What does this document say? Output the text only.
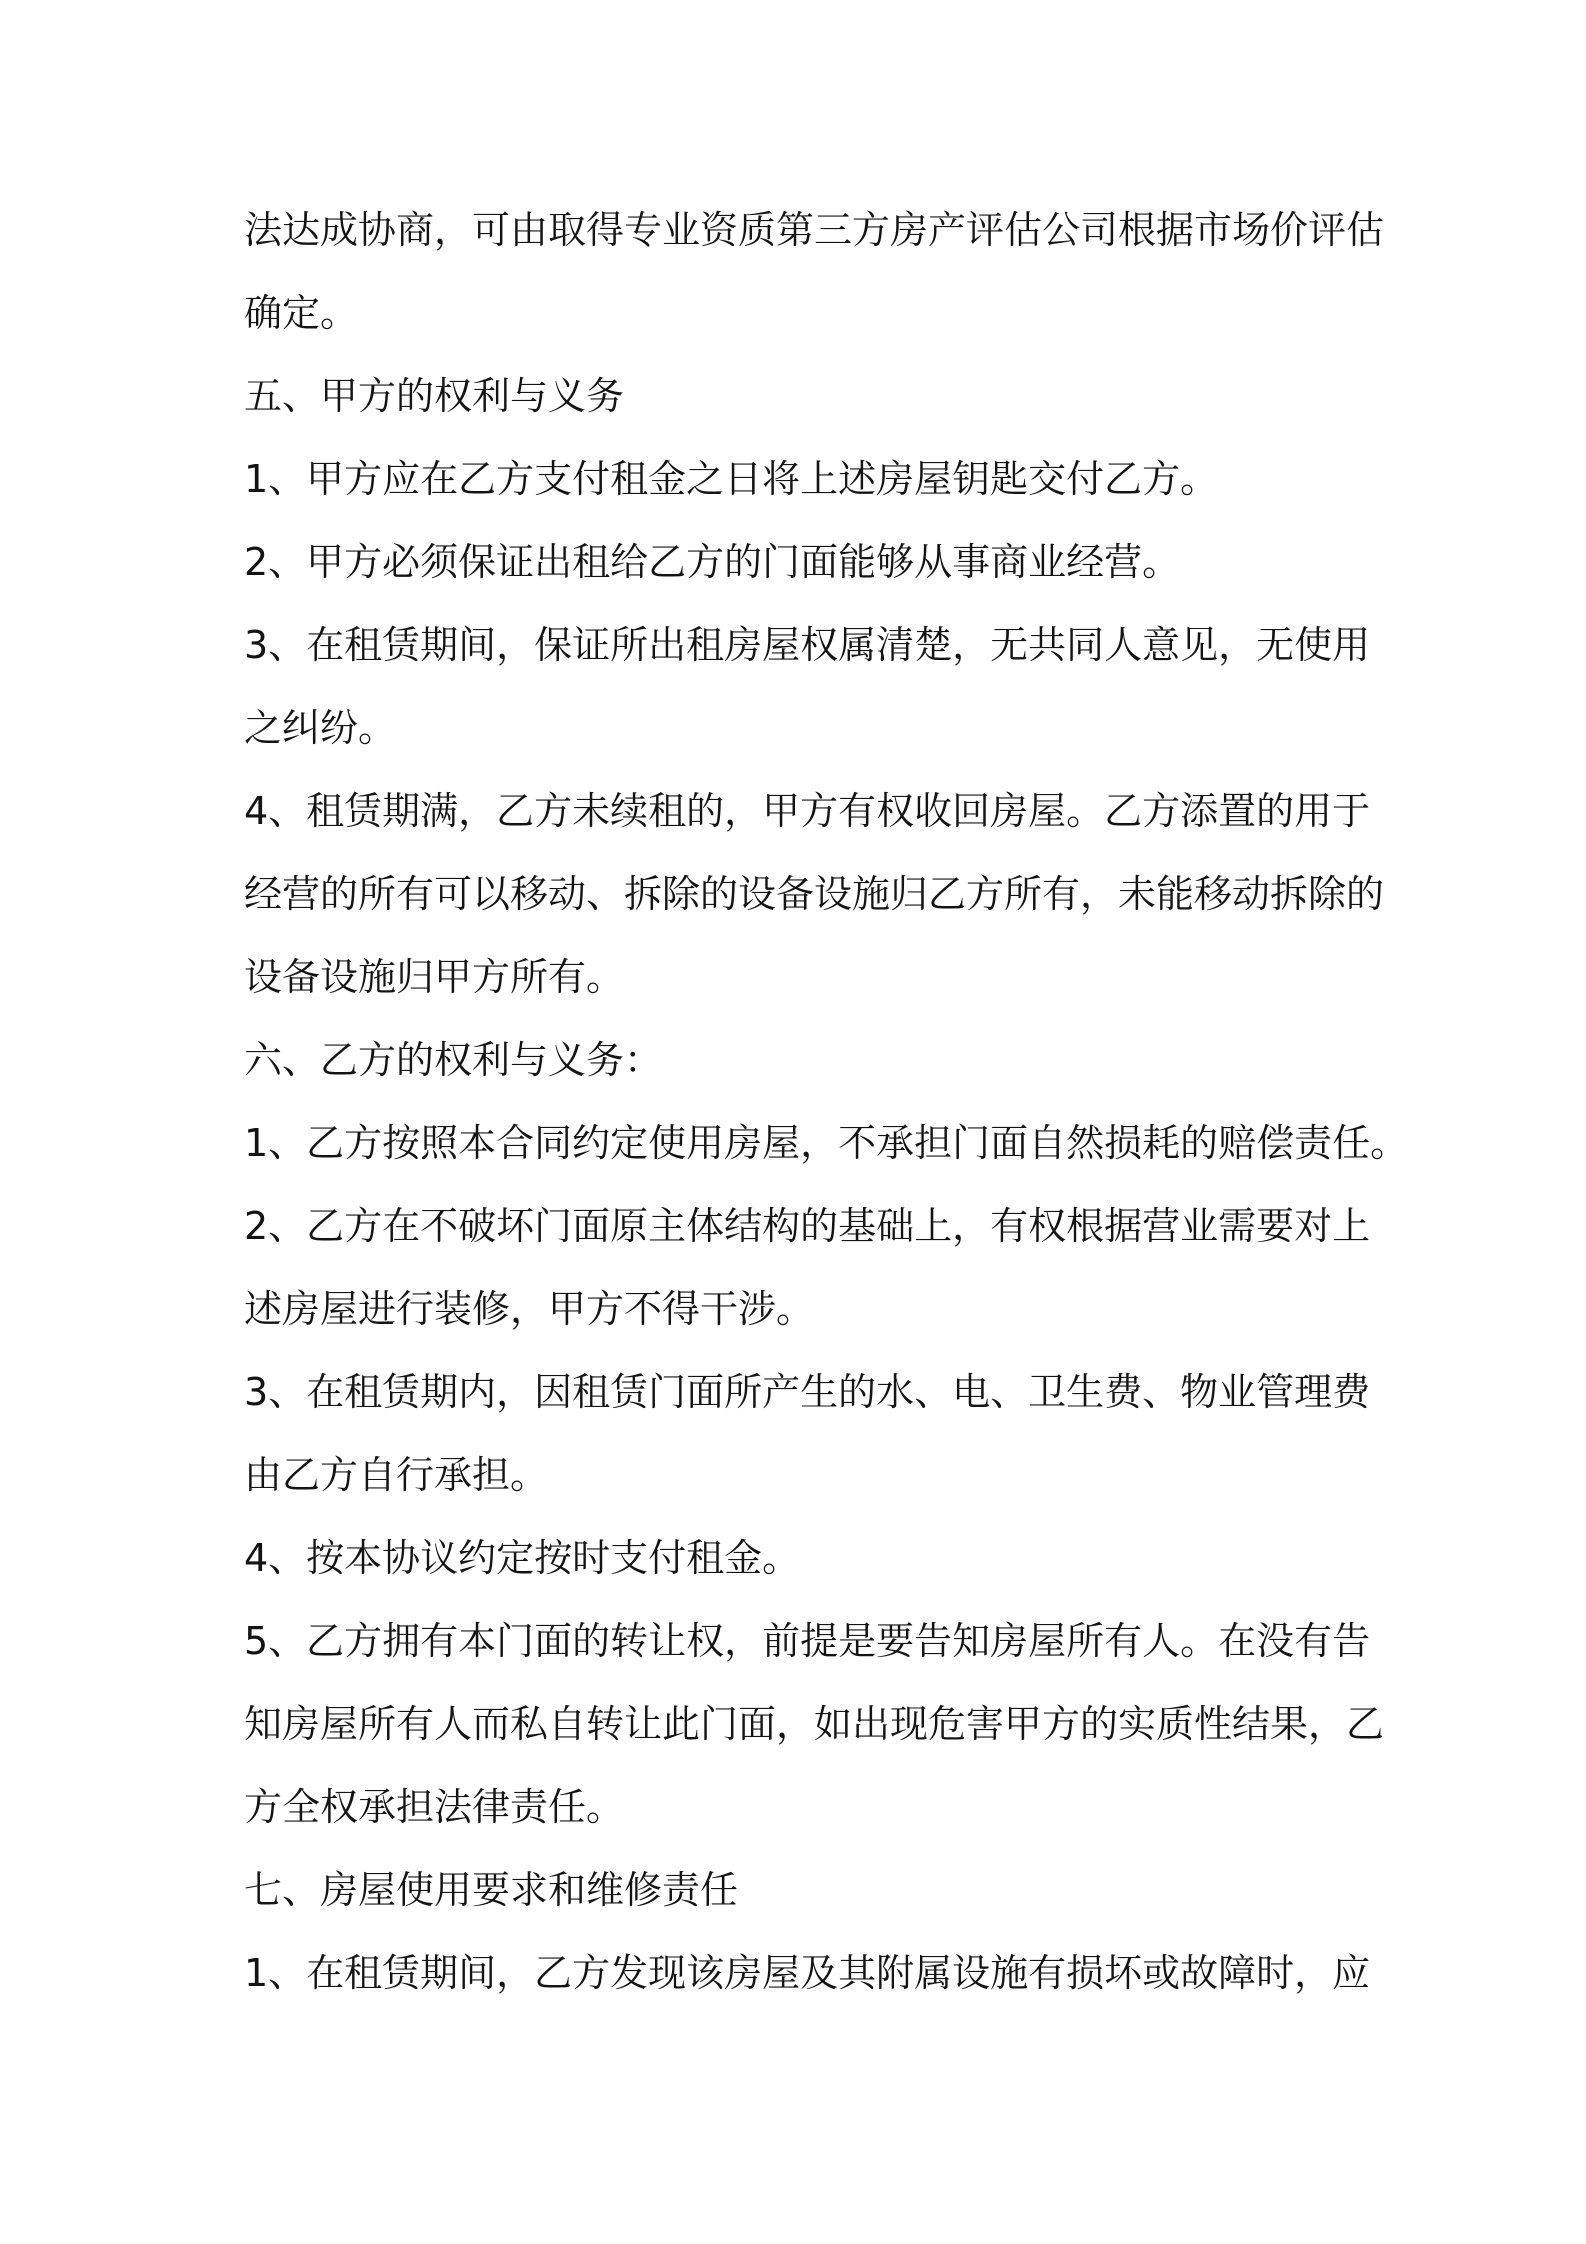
法达成协商，可由取得专业资质第三方房产评估公司根据市场价评估
确定。
五、甲方的权利与义务
1、甲方应在乙方支付租金之日将上述房屋钥匙交付乙方。
2、甲方必须保证出租给乙方的门面能够从事商业经营。
3、在租赁期间，保证所出租房屋权属清楚，无共同人意见，无使用
之纠纷。
4、租赁期满，乙方未续租的，甲方有权收回房屋。乙方添置的用于
经营的所有可以移动、拆除的设备设施归乙方所有，未能移动拆除的
设备设施归甲方所有。
六、乙方的权利与义务：
1、乙方按照本合同约定使用房屋，不承担门面自然损耗的赔偿责任。
2、乙方在不破坏门面原主体结构的基础上，有权根据营业需要对上
述房屋进行装修，甲方不得干涉。
3、在租赁期内，因租赁门面所产生的水、电、卫生费、物业管理费
由乙方自行承担。
4、按本协议约定按时支付租金。
5、乙方拥有本门面的转让权，前提是要告知房屋所有人。在没有告
知房屋所有人而私自转让此门面，如出现危害甲方的实质性结果，乙
方全权承担法律责任。
七、房屋使用要求和维修责任
1、在租赁期间，乙方发现该房屋及其附属设施有损坏或故障时，应
